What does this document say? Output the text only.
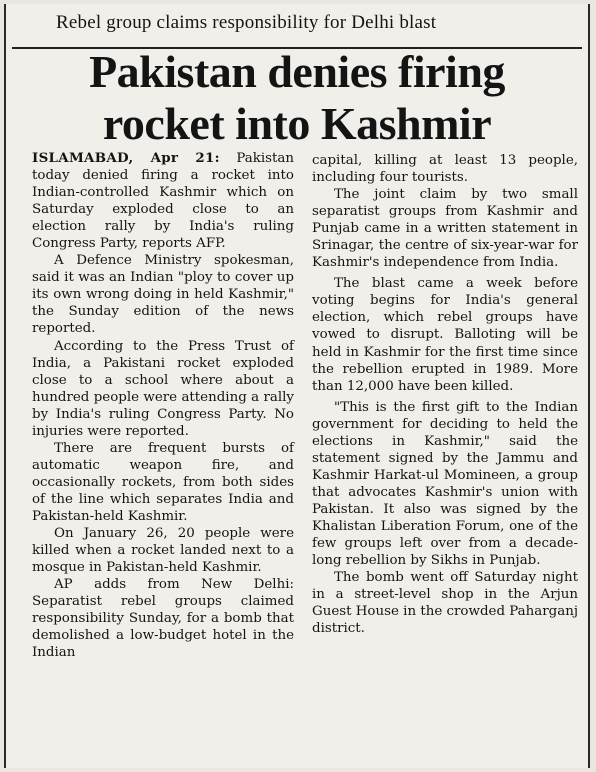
Rebel group claims responsibility for Delhi blast
Pakistan denies firing
rocket into Kashmir

ISLAMABAD, Apr 21: Pakistan today denied firing a rocket into Indian-controlled Kashmir which on Saturday exploded close to an election rally by India's ruling Congress Party, reports AFP.

A Defence Ministry spokesman, said it was an Indian "ploy to cover up its own wrong doing in held Kashmir," the Sunday edition of the news reported.

According to the Press Trust of India, a Pakistani rocket exploded close to a school where about a hundred people were attending a rally by India's ruling Congress Party. No injuries were reported.

There are frequent bursts of automatic weapon fire, and occasionally rockets, from both sides of the line which separates India and Pakistan-held Kashmir.

On January 26, 20 people were killed when a rocket landed next to a mosque in Pakistan-held Kashmir.

AP adds from New Delhi: Separatist rebel groups claimed responsibility Sunday, for a bomb that demolished a low-budget hotel in the Indian

capital, killing at least 13 people, including four tourists.

The joint claim by two small separatist groups from Kashmir and Punjab came in a written statement in Srinagar, the centre of six-year-war for Kashmir's independence from India.

The blast came a week before voting begins for India's general election, which rebel groups have vowed to disrupt. Balloting will be held in Kashmir for the first time since the rebellion erupted in 1989. More than 12,000 have been killed.

"This is the first gift to the Indian government for deciding to held the elections in Kashmir," said the statement signed by the Jammu and Kashmir Harkat-ul Momineen, a group that advocates Kashmir's union with Pakistan. It also was signed by the Khalistan Liberation Forum, one of the few groups left over from a decade-long rebellion by Sikhs in Punjab.

The bomb went off Saturday night in a street-level shop in the Arjun Guest House in the crowded Paharganj district.
